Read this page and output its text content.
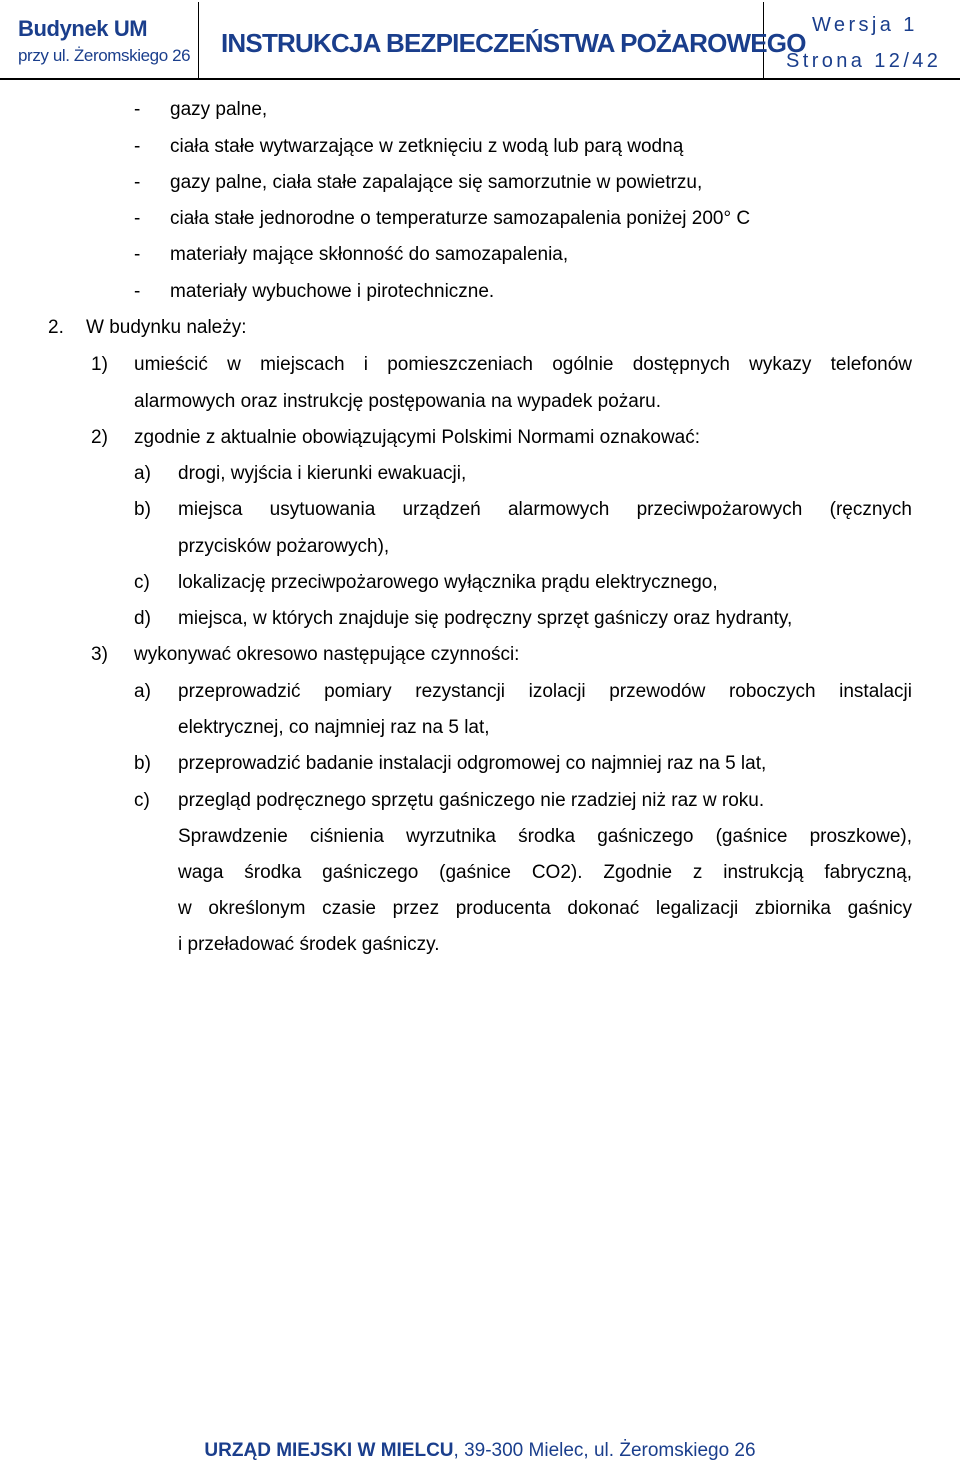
Budynek UM
przy ul. Żeromskiego 26 INSTRUKCJA BEZPIECZEŃSTWA POŻAROWEGO
Wersja 1
Strona 12/42
- gazy palne,
- ciała stałe wytwarzające w zetknięciu z wodą lub parą wodną
- gazy palne, ciała stałe zapalające się samorzutnie w powietrzu,
- ciała stałe jednorodne o temperaturze samozapalenia poniżej 200° C
- materiały mające skłonność do samozapalenia,
- materiały wybuchowe i pirotechniczne.
2. W budynku należy:
1) umieścić w miejscach i pomieszczeniach ogólnie dostępnych wykazy telefonów
alarmowych oraz instrukcję postępowania na wypadek pożaru.
2) zgodnie z aktualnie obowiązującymi Polskimi Normami oznakować:
a) drogi, wyjścia i kierunki ewakuacji,
b) miejsca usytuowania urządzeń alarmowych przeciwpożarowych (ręcznych
przycisków pożarowych),
c) lokalizację przeciwpożarowego wyłącznika prądu elektrycznego,
d) miejsca, w których znajduje się podręczny sprzęt gaśniczy oraz hydranty,
3) wykonywać okresowo następujące czynności:
a) przeprowadzić pomiary rezystancji izolacji przewodów roboczych instalacji
elektrycznej, co najmniej raz na 5 lat,
b) przeprowadzić badanie instalacji odgromowej co najmniej raz na 5 lat,
c) przegląd podręcznego sprzętu gaśniczego nie rzadziej niż raz w roku.
Sprawdzenie ciśnienia wyrzutnika środka gaśniczego (gaśnice proszkowe),
waga środka gaśniczego (gaśnice CO2). Zgodnie z instrukcją fabryczną,
w określonym czasie przez producenta dokonać legalizacji zbiornika gaśnicy
i przeładować środek gaśniczy.
URZĄD MIEJSKI W MIELCU, 39-300 Mielec, ul. Żeromskiego 26
